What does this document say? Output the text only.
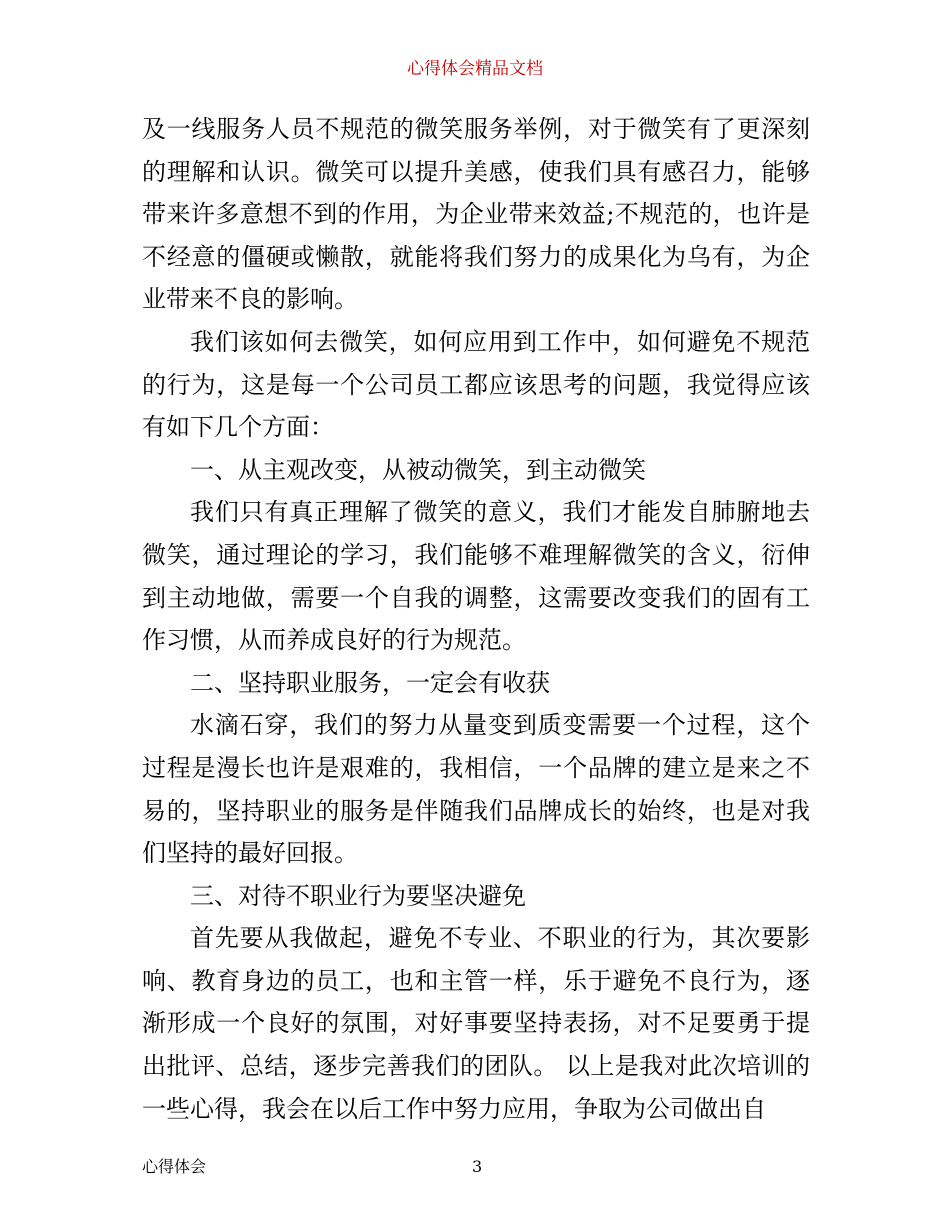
心得体会精品文档

及一线服务人员不规范的微笑服务举例，对于微笑有了更深刻的理解和认识。微笑可以提升美感，使我们具有感召力，能够带来许多意想不到的作用，为企业带来效益;不规范的，也许是不经意的僵硬或懒散，就能将我们努力的成果化为乌有，为企业带来不良的影响。

我们该如何去微笑，如何应用到工作中，如何避免不规范的行为，这是每一个公司员工都应该思考的问题，我觉得应该有如下几个方面：

一、从主观改变，从被动微笑，到主动微笑

我们只有真正理解了微笑的意义，我们才能发自肺腑地去微笑，通过理论的学习，我们能够不难理解微笑的含义，衍伸到主动地做，需要一个自我的调整，这需要改变我们的固有工作习惯，从而养成良好的行为规范。

二、坚持职业服务，一定会有收获

水滴石穿，我们的努力从量变到质变需要一个过程，这个过程是漫长也许是艰难的，我相信，一个品牌的建立是来之不易的，坚持职业的服务是伴随我们品牌成长的始终，也是对我们坚持的最好回报。

三、对待不职业行为要坚决避免

首先要从我做起，避免不专业、不职业的行为，其次要影响、教育身边的员工，也和主管一样，乐于避免不良行为，逐渐形成一个良好的氛围，对好事要坚持表扬，对不足要勇于提出批评、总结，逐步完善我们的团队。 以上是我对此次培训的一些心得，我会在以后工作中努力应用，争取为公司做出自

心得体会	3
